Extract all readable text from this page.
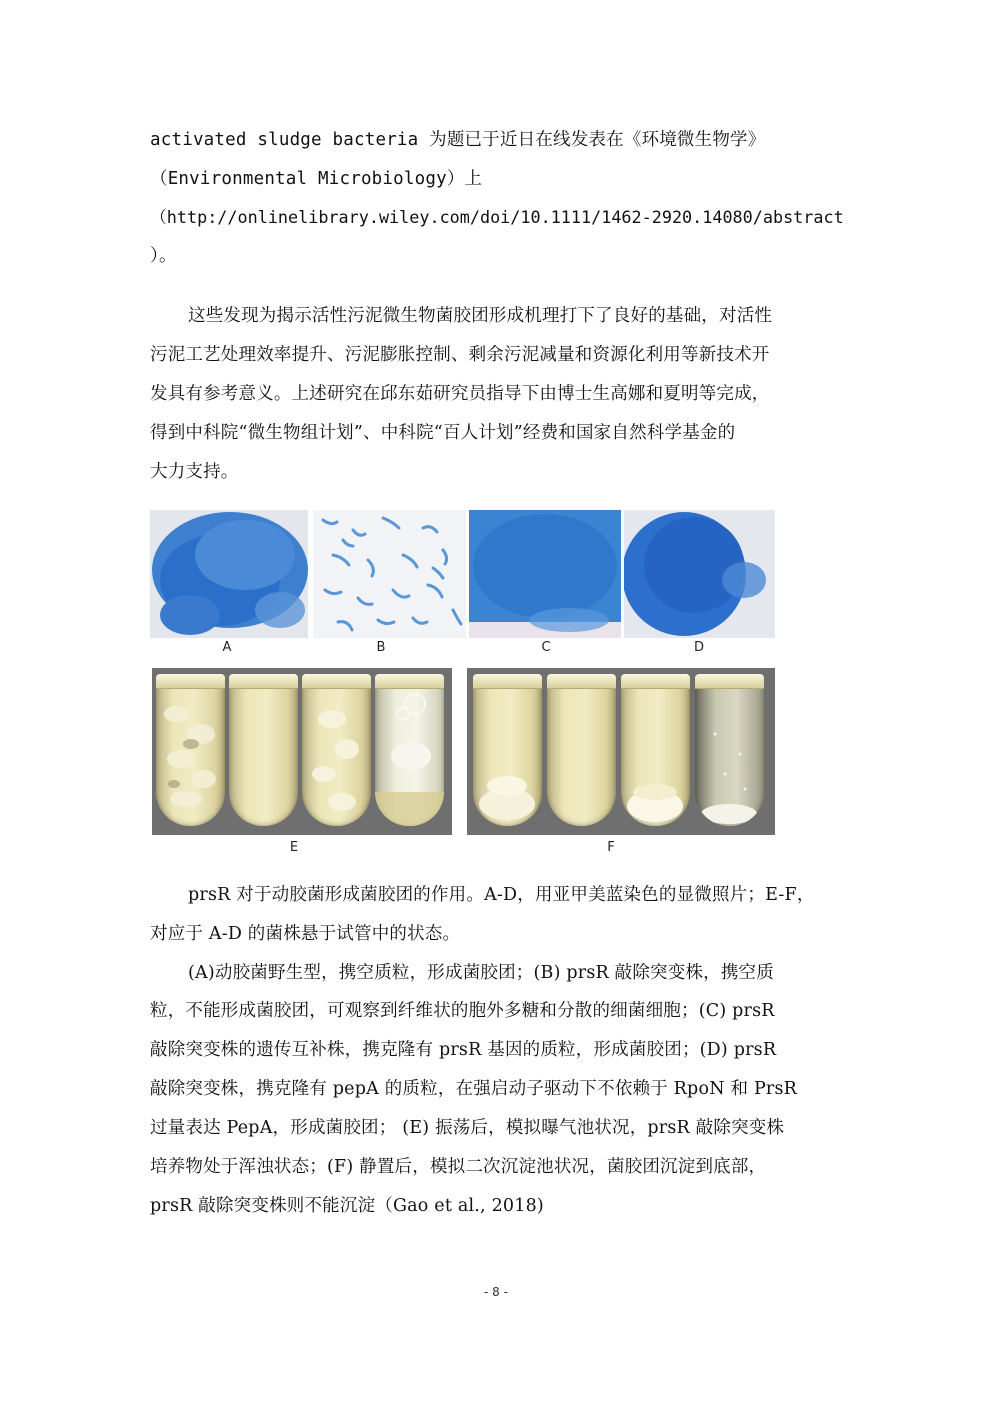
activated sludge bacteria 为题已于近日在线发表在《环境微生物学》
（Environmental Microbiology）上
（http://onlinelibrary.wiley.com/doi/10.1111/1462-2920.14080/abstract
）。
这些发现为揭示活性污泥微生物菌胶团形成机理打下了良好的基础，对活性
污泥工艺处理效率提升、污泥膨胀控制、剩余污泥减量和资源化利用等新技术开
发具有参考意义。上述研究在邱东茹研究员指导下由博士生高娜和夏明等完成，
得到中科院“微生物组计划”、中科院“百人计划”经费和国家自然科学基金的
大力支持。
A	B	C	D
E	F
prsR 对于动胶菌形成菌胶团的作用。A-D，用亚甲美蓝染色的显微照片；E-F，
对应于 A-D 的菌株悬于试管中的状态。
(A)动胶菌野生型，携空质粒，形成菌胶团；(B) prsR 敲除突变株，携空质
粒，不能形成菌胶团，可观察到纤维状的胞外多糖和分散的细菌细胞；(C) prsR
敲除突变株的遗传互补株，携克隆有 prsR 基因的质粒，形成菌胶团；(D) prsR
敲除突变株，携克隆有 pepA 的质粒，在强启动子驱动下不依赖于 RpoN 和 PrsR
过量表达 PepA，形成菌胶团； (E) 振荡后，模拟曝气池状况，prsR 敲除突变株
培养物处于浑浊状态；(F) 静置后，模拟二次沉淀池状况，菌胶团沉淀到底部，
prsR 敲除突变株则不能沉淀（Gao et al., 2018)
- 8 -
